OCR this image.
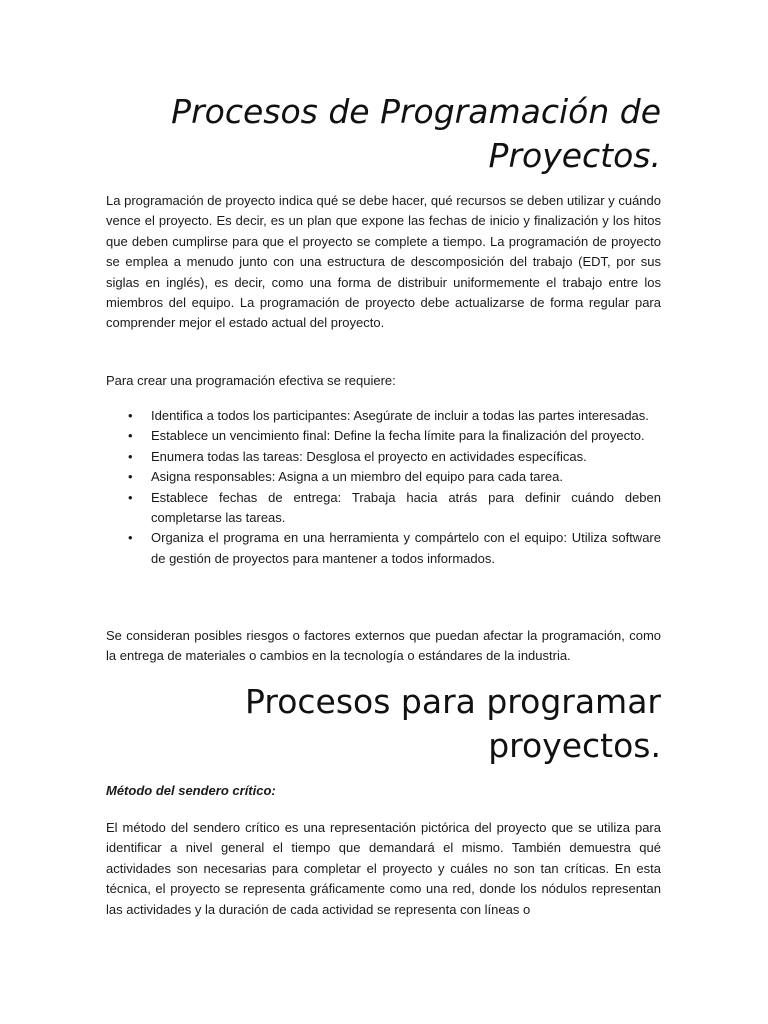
Procesos de Programación de Proyectos.

La programación de proyecto indica qué se debe hacer, qué recursos se deben utilizar y cuándo vence el proyecto. Es decir, es un plan que expone las fechas de inicio y finalización y los hitos que deben cumplirse para que el proyecto se complete a tiempo. La programación de proyecto se emplea a menudo junto con una estructura de descomposición del trabajo (EDT, por sus siglas en inglés), es decir, como una forma de distribuir uniformemente el trabajo entre los miembros del equipo. La programación de proyecto debe actualizarse de forma regular para comprender mejor el estado actual del proyecto.

Para crear una programación efectiva se requiere:

• Identifica a todos los participantes: Asegúrate de incluir a todas las partes interesadas.
• Establece un vencimiento final: Define la fecha límite para la finalización del proyecto.
• Enumera todas las tareas: Desglosa el proyecto en actividades específicas.
• Asigna responsables: Asigna a un miembro del equipo para cada tarea.
• Establece fechas de entrega: Trabaja hacia atrás para definir cuándo deben completarse las tareas.
• Organiza el programa en una herramienta y compártelo con el equipo: Utiliza software de gestión de proyectos para mantener a todos informados.

Se consideran posibles riesgos o factores externos que puedan afectar la programación, como la entrega de materiales o cambios en la tecnología o estándares de la industria.

Procesos para programar proyectos.

Método del sendero crítico:

El método del sendero crítico es una representación pictórica del proyecto que se utiliza para identificar a nivel general el tiempo que demandará el mismo. También demuestra qué actividades son necesarias para completar el proyecto y cuáles no son tan críticas. En esta técnica, el proyecto se representa gráficamente como una red, donde los nódulos representan las actividades y la duración de cada actividad se representa con líneas o
